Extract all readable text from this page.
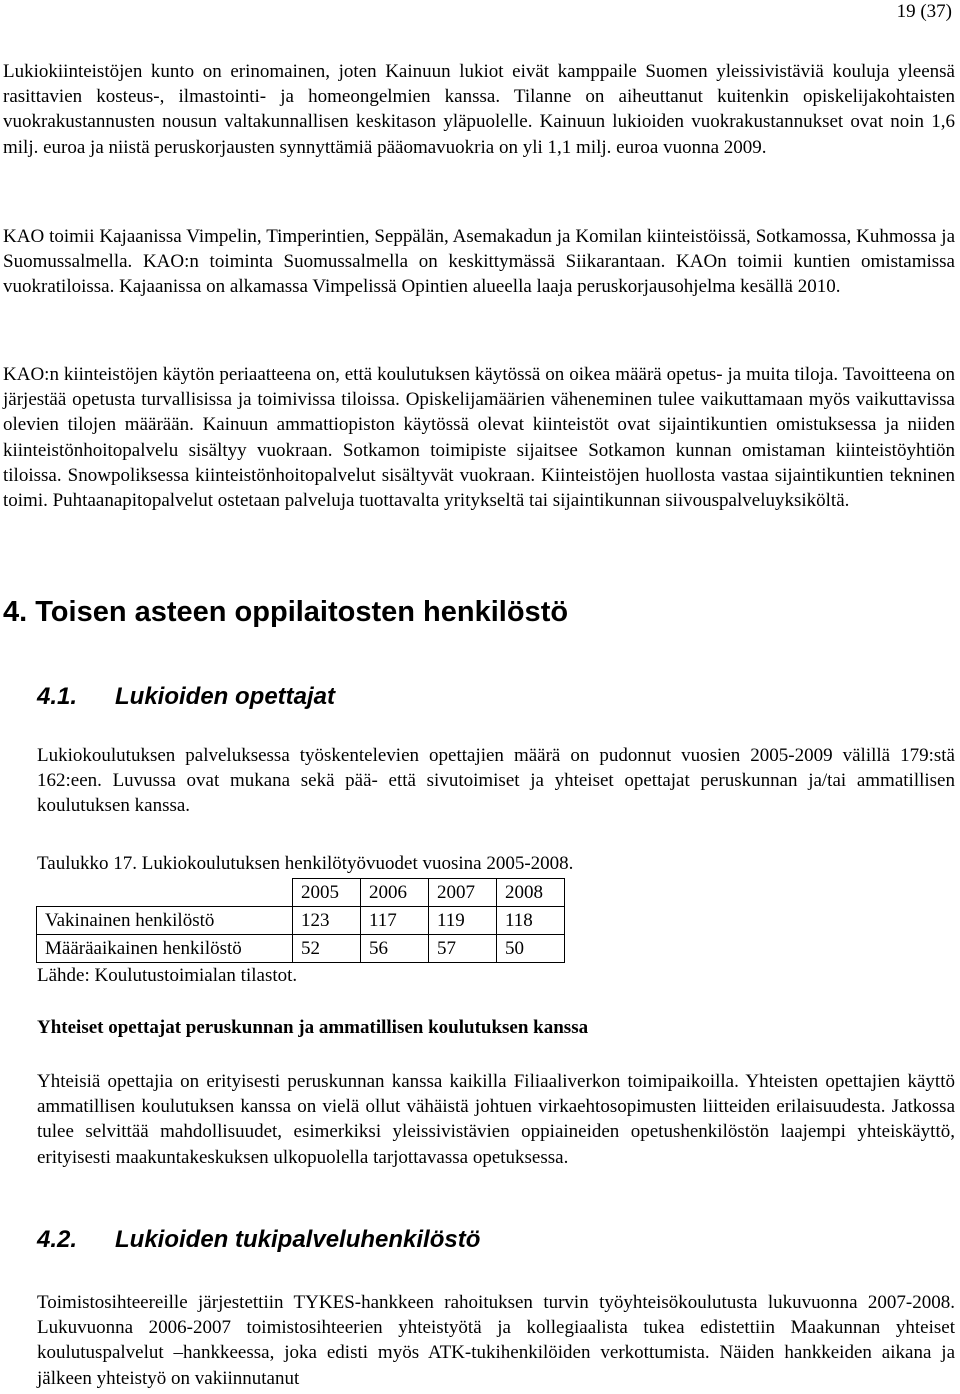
19 (37)

Lukiokiinteistöjen kunto on erinomainen, joten Kainuun lukiot eivät kamppaile Suomen yleissivistäviä kouluja yleensä rasittavien kosteus-, ilmastointi- ja homeongelmien kanssa. Tilanne on aiheuttanut kuitenkin opiskelijakohtaisten vuokrakustannusten nousun valtakunnallisen keskitason yläpuolelle. Kainuun lukioiden vuokrakustannukset ovat noin 1,6 milj. euroa ja niistä peruskorjausten synnyttämiä pääomavuokria on yli 1,1 milj. euroa vuonna 2009.

KAO toimii Kajaanissa Vimpelin, Timperintien, Seppälän, Asemakadun ja Komilan kiinteistöissä, Sotkamossa, Kuhmossa ja Suomussalmella. KAO:n toiminta Suomussalmella on keskittymässä Siikarantaan. KAOn toimii kuntien omistamissa vuokratiloissa. Kajaanissa on alkamassa Vimpelissä Opintien alueella laaja peruskorjausohjelma kesällä 2010.

KAO:n kiinteistöjen käytön periaatteena on, että koulutuksen käytössä on oikea määrä opetus- ja muita tiloja. Tavoitteena on järjestää opetusta turvallisissa ja toimivissa tiloissa. Opiskelijamäärien väheneminen tulee vaikuttamaan myös vaikuttavissa olevien tilojen määrään. Kainuun ammattiopiston käytössä olevat kiinteistöt ovat sijaintikuntien omistuksessa ja niiden kiinteistönhoitopalvelu sisältyy vuokraan. Sotkamon toimipiste sijaitsee Sotkamon kunnan omistaman kiinteistöyhtiön tiloissa. Snowpoliksessa kiinteistönhoitopalvelut sisältyvät vuokraan. Kiinteistöjen huollosta vastaa sijaintikuntien tekninen toimi. Puhtaanapitopalvelut ostetaan palveluja tuottavalta yritykseltä tai sijaintikunnan siivouspalveluyksiköltä.

4. Toisen asteen oppilaitosten henkilöstö
4.1. Lukioiden opettajat

Lukiokoulutuksen palveluksessa työskentelevien opettajien määrä on pudonnut vuosien 2005-2009 välillä 179:stä 162:een. Luvussa ovat mukana sekä pää- että sivutoimiset ja yhteiset opettajat peruskunnan ja/tai ammatillisen koulutuksen kanssa.

Taulukko 17. Lukiokoulutuksen henkilötyövuodet vuosina 2005-2008.
	2005	2006	2007	2008
Vakinainen henkilöstö	123	117	119	118
Määräaikainen henkilöstö	52	56	57	50
Lähde: Koulutustoimialan tilastot.
Yhteiset opettajat peruskunnan ja ammatillisen koulutuksen kanssa

Yhteisiä opettajia on erityisesti peruskunnan kanssa kaikilla Filiaaliverkon toimipaikoilla. Yhteisten opettajien käyttö ammatillisen koulutuksen kanssa on vielä ollut vähäistä johtuen virkaehtosopimusten liitteiden erilaisuudesta. Jatkossa tulee selvittää mahdollisuudet, esimerkiksi yleissivistävien oppiaineiden opetushenkilöstön laajempi yhteiskäyttö, erityisesti maakuntakeskuksen ulkopuolella tarjottavassa opetuksessa.

4.2. Lukioiden tukipalveluhenkilöstö

Toimistosihteereille järjestettiin TYKES-hankkeen rahoituksen turvin työyhteisökoulutusta lukuvuonna 2007-2008. Lukuvuonna 2006-2007 toimistosihteerien yhteistyötä ja kollegiaalista tukea edistettiin Maakunnan yhteiset koulutuspalvelut –hankkeessa, joka edisti myös ATK-tukihenkilöiden verkottumista. Näiden hankkeiden aikana ja jälkeen yhteistyö on vakiinnutanut
